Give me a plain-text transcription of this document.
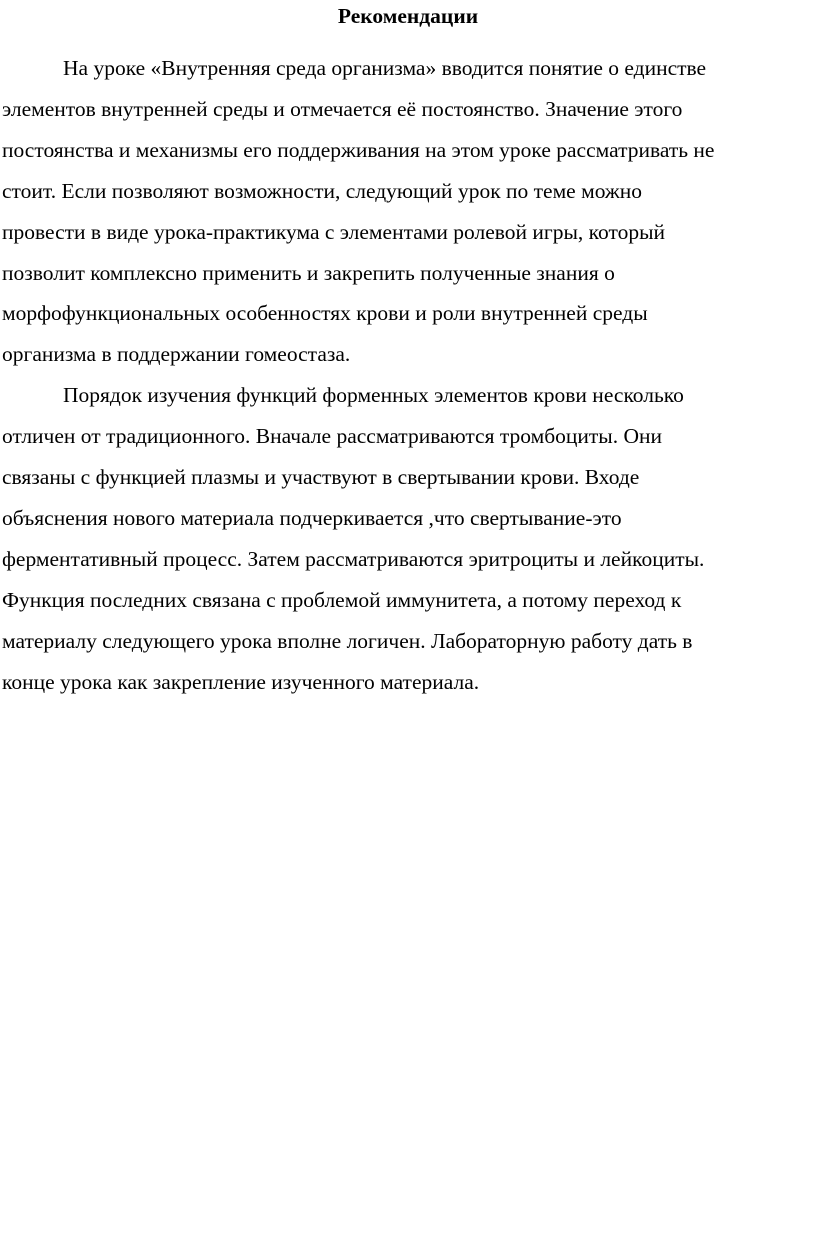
Рекомендации

На уроке «Внутренняя среда организма» вводится понятие о единстве
элементов внутренней среды и отмечается её постоянство. Значение этого
постоянства и механизмы его поддерживания на этом уроке рассматривать не
стоит. Если позволяют возможности, следующий урок по теме можно
провести в виде урока-практикума с элементами ролевой игры, который
позволит комплексно применить и закрепить полученные знания о
морфофункциональных особенностях крови и роли внутренней среды
организма в поддержании гомеостаза.

Порядок изучения функций форменных элементов крови несколько
отличен от традиционного. Вначале рассматриваются тромбоциты. Они
связаны с функцией плазмы и участвуют в свертывании крови. Входе
объяснения нового материала подчеркивается ,что свертывание-это
ферментативный процесс. Затем рассматриваются эритроциты и лейкоциты.
Функция последних связана с проблемой иммунитета, а потому переход к
материалу следующего урока вполне логичен. Лабораторную работу дать в
конце урока как закрепление изученного материала.
